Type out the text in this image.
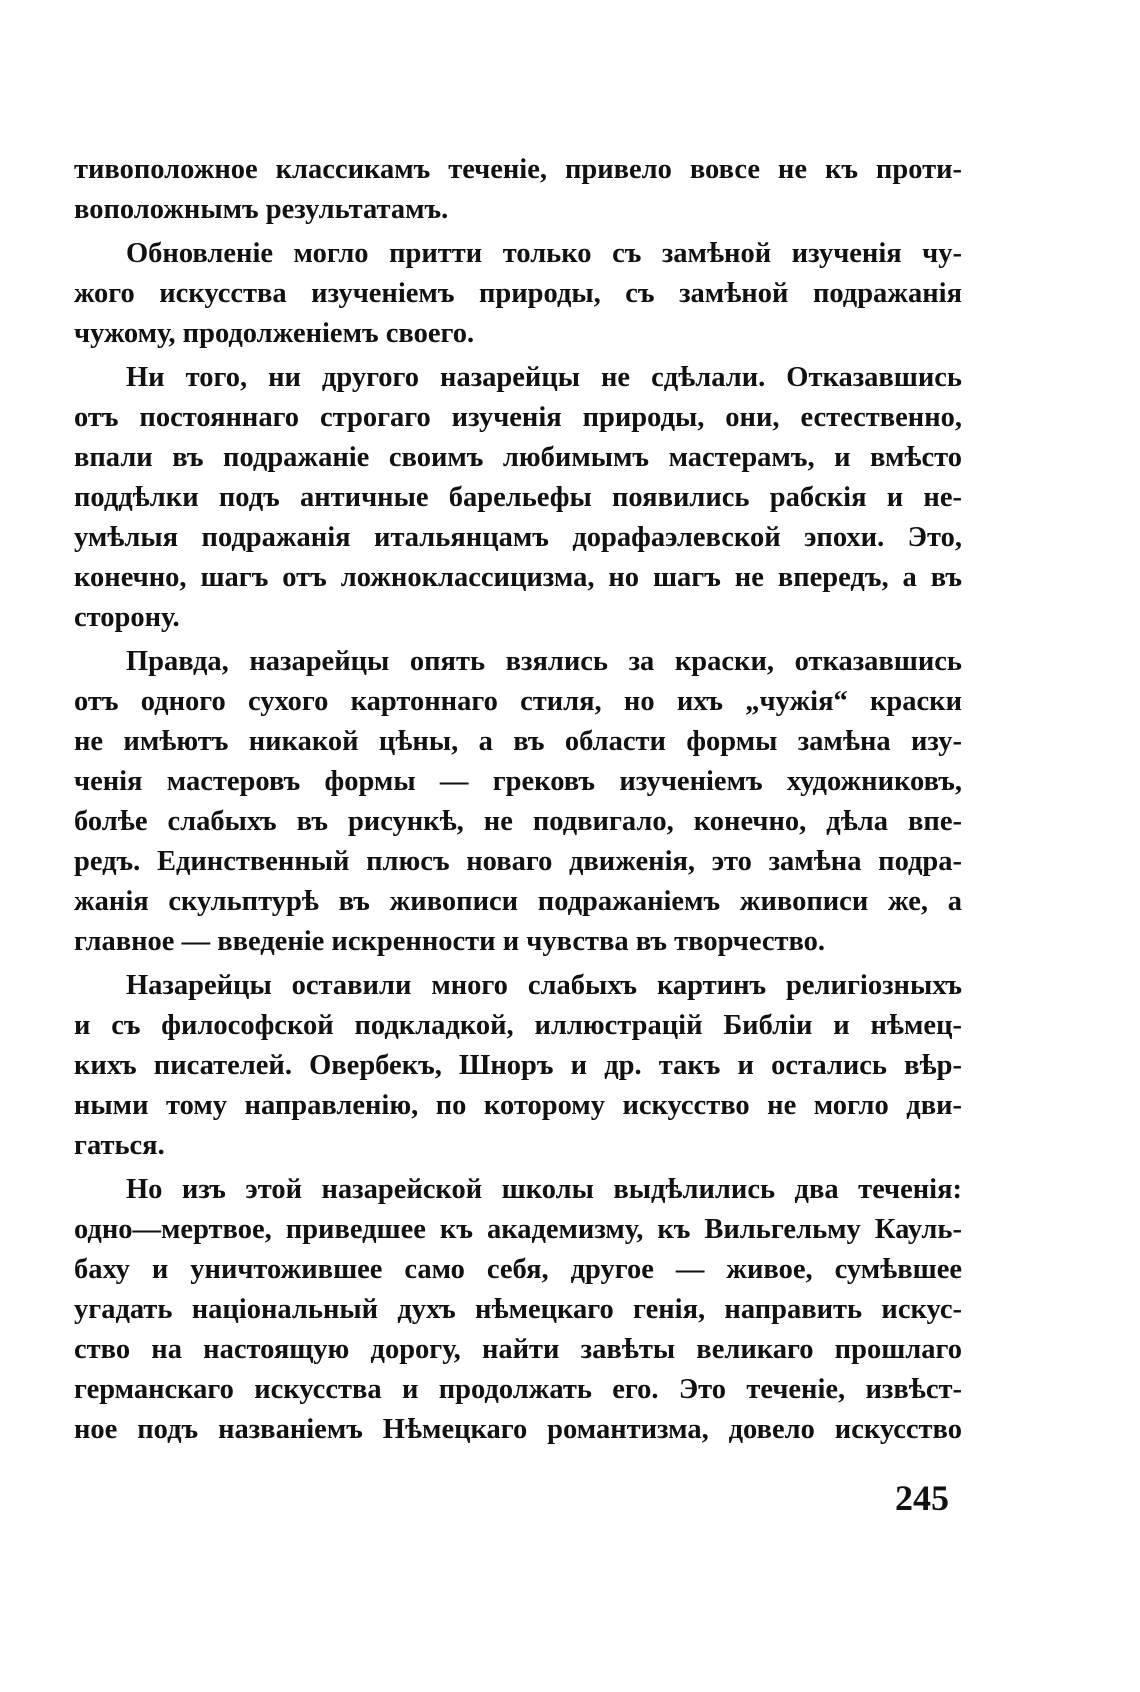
тивоположное классикамъ теченіе, привело вовсе не къ проти-
воположнымъ результатамъ.

Обновленіе могло притти только съ замѣной изученія чу-
жого искусства изученіемъ природы, съ замѣной подражанія
чужому, продолженіемъ своего.

Ни того, ни другого назарейцы не сдѣлали. Отказавшись
отъ постояннаго строгаго изученія природы, они, естественно,
впали въ подражаніе своимъ любимымъ мастерамъ, и вмѣсто
поддѣлки подъ античные барельефы появились рабскія и не-
умѣлыя подражанія итальянцамъ дорафаэлевской эпохи. Это,
конечно, шагъ отъ ложноклассицизма, но шагъ не впередъ, а въ
сторону.

Правда, назарейцы опять взялись за краски, отказавшись
отъ одного сухого картоннаго стиля, но ихъ „чужія“ краски
не имѣютъ никакой цѣны, а въ области формы замѣна изу-
ченія мастеровъ формы — грековъ изученіемъ художниковъ,
болѣе слабыхъ въ рисункѣ, не подвигало, конечно, дѣла впе-
редъ. Единственный плюсъ новаго движенія, это замѣна подра-
жанія скульптурѣ въ живописи подражаніемъ живописи же, а
главное — введеніе искренности и чувства въ творчество.

Назарейцы оставили много слабыхъ картинъ религіозныхъ
и съ философской подкладкой, иллюстрацій Библіи и нѣмец-
кихъ писателей. Овербекъ, Шноръ и др. такъ и остались вѣр-
ными тому направленію, по которому искусство не могло дви-
гаться.

Но изъ этой назарейской школы выдѣлились два теченія:
одно—мертвое, приведшее къ академизму, къ Вильгельму Кауль-
баху и уничтожившее само себя, другое — живое, сумѣвшее
угадать національный духъ нѣмецкаго генія, направить искус-
ство на настоящую дорогу, найти завѣты великаго прошлаго
германскаго искусства и продолжать его. Это теченіе, извѣст-
ное подъ названіемъ Нѣмецкаго романтизма, довело искусство

245
